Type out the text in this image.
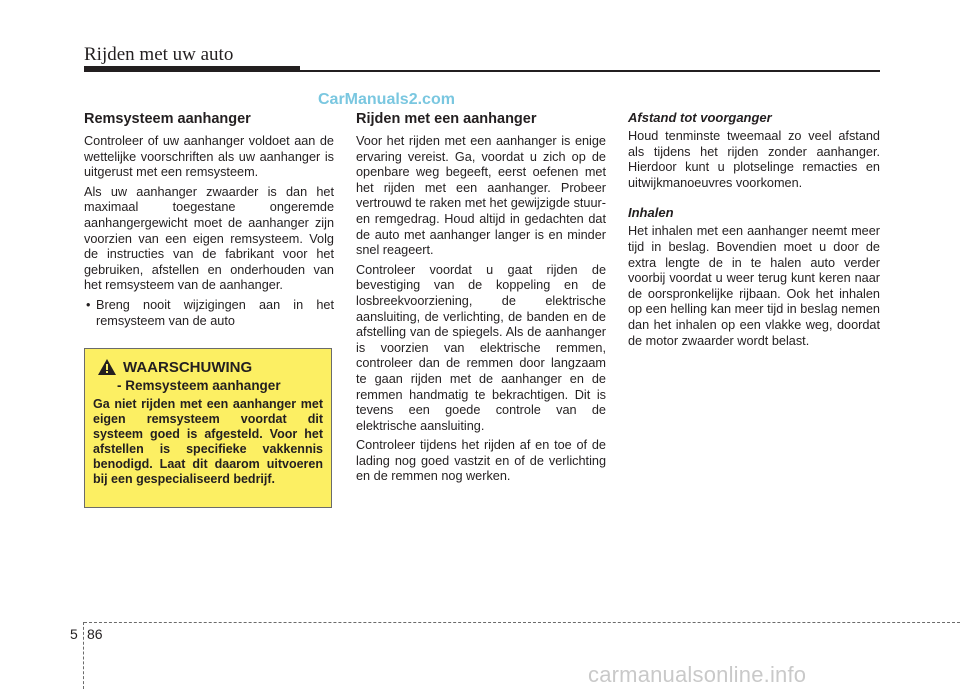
Rijden met uw auto
CarManuals2.com
Remsysteem aanhanger

Controleer of uw aanhanger voldoet aan de wettelijke voorschriften als uw aanhanger is uitgerust met een remsysteem.

Als uw aanhanger zwaarder is dan het maximaal toegestane ongeremde aanhangergewicht moet de aanhanger zijn voorzien van een eigen remsysteem. Volg de instructies van de fabrikant voor het gebruiken, afstellen en onderhouden van het remsysteem van de aanhanger.

• Breng nooit wijzigingen aan in het remsysteem van de auto

WAARSCHUWING
- Remsysteem aanhanger

Ga niet rijden met een aanhanger met eigen remsysteem voordat dit systeem goed is afgesteld. Voor het afstellen is specifieke vakkennis benodigd. Laat dit daarom uitvoeren bij een gespecialiseerd bedrijf.

Rijden met een aanhanger

Voor het rijden met een aanhanger is enige ervaring vereist. Ga, voordat u zich op de openbare weg begeeft, eerst oefenen met het rijden met een aanhanger. Probeer vertrouwd te raken met het gewijzigde stuur- en remgedrag. Houd altijd in gedachten dat de auto met aanhanger langer is en minder snel reageert.

Controleer voordat u gaat rijden de bevestiging van de koppeling en de losbreekvoorziening, de elektrische aansluiting, de verlichting, de banden en de afstelling van de spiegels. Als de aanhanger is voorzien van elektrische remmen, controleer dan de remmen door langzaam te gaan rijden met de aanhanger en de remmen handmatig te bekrachtigen. Dit is tevens een goede controle van de elektrische aansluiting.

Controleer tijdens het rijden af en toe of de lading nog goed vastzit en of de verlichting en de remmen nog werken.

Afstand tot voorganger

Houd tenminste tweemaal zo veel afstand als tijdens het rijden zonder aanhanger. Hierdoor kunt u plotselinge remacties en uitwijkmanoeuvres voorkomen.

Inhalen

Het inhalen met een aanhanger neemt meer tijd in beslag. Bovendien moet u door de extra lengte de in te halen auto verder voorbij voordat u weer terug kunt keren naar de oorspronkelijke rijbaan. Ook het inhalen op een helling kan meer tijd in beslag nemen dan het inhalen op een vlakke weg, doordat de motor zwaarder wordt belast.

5 86
carmanualsonline.info
